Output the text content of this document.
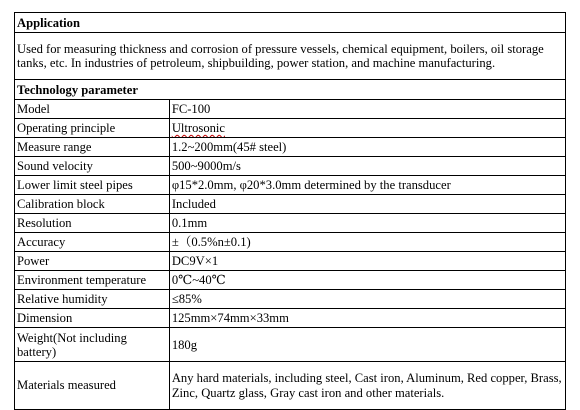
Application	
Used for measuring thickness and corrosion of pressure vessels, chemical equipment, boilers, oil storage tanks, etc. In industries of petroleum, shipbuilding, power station, and machine manufacturing.	
Technology parameter	
Model	FC-100
Operating principle	Ultrosonic
Measure range	1.2~200mm(45# steel)
Sound velocity	500~9000m/s
Lower limit steel pipes	φ15*2.0mm, φ20*3.0mm determined by the transducer
Calibration block	Included
Resolution	0.1mm
Accuracy	±（0.5%n±0.1)
Power	DC9V×1
Environment temperature	0℃~40℃
Relative humidity	≤85%
Dimension	125mm×74mm×33mm
Weight(Not including battery)	180g
Materials measured	Any hard materials, including steel, Cast iron, Aluminum, Red copper, Brass, Zinc, Quartz glass, Gray cast iron and other materials.
